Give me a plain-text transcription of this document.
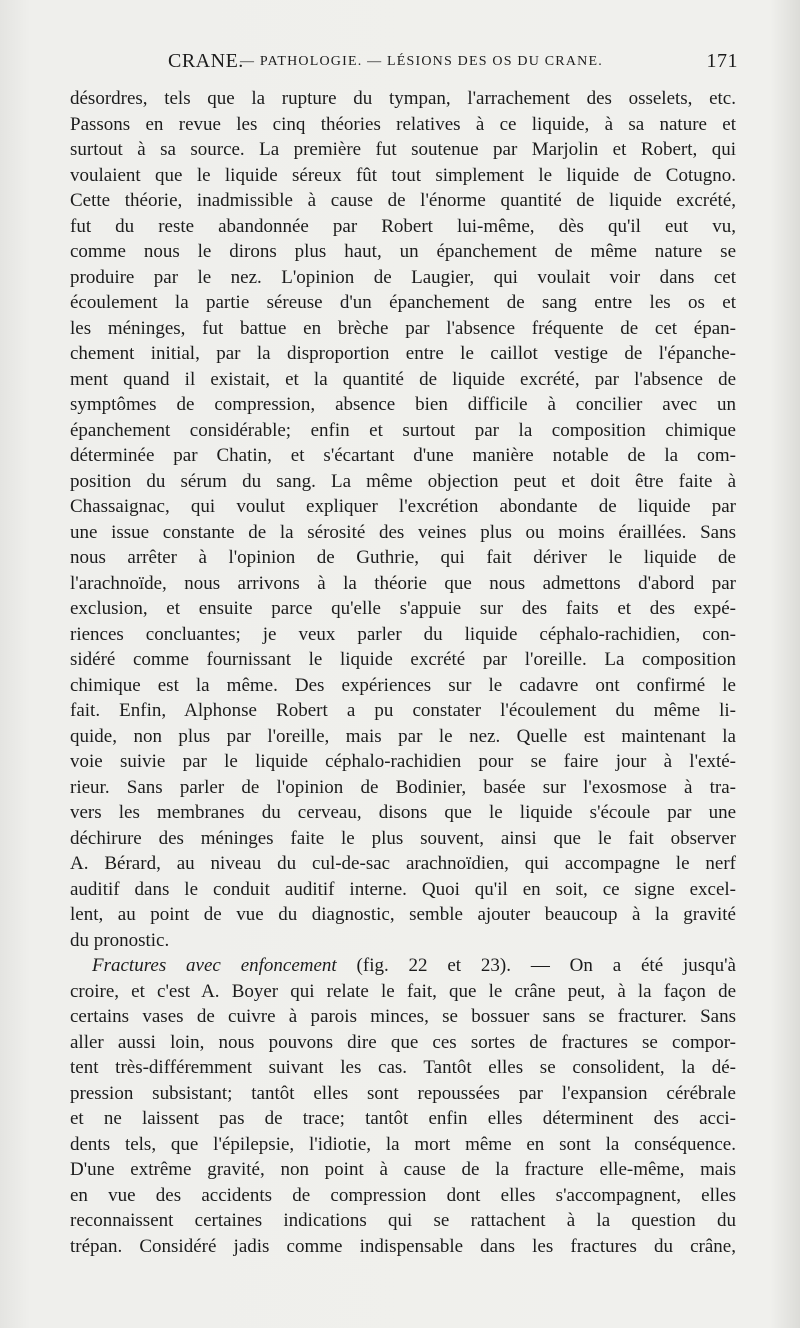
CRANE.
— PATHOLOGIE. — LÉSIONS DES OS DU CRANE.	171
désordres, tels que la rupture du tympan, l'arrachement des osselets, etc.
Passons en revue les cinq théories relatives à ce liquide, à sa nature et
surtout à sa source. La première fut soutenue par Marjolin et Robert, qui
voulaient que le liquide séreux fût tout simplement le liquide de Cotugno.
Cette théorie, inadmissible à cause de l'énorme quantité de liquide excrété,
fut du reste abandonnée par Robert lui-même, dès qu'il eut vu,
comme nous le dirons plus haut, un épanchement de même nature se
produire par le nez. L'opinion de Laugier, qui voulait voir dans cet
écoulement la partie séreuse d'un épanchement de sang entre les os et
les méninges, fut battue en brèche par l'absence fréquente de cet épan-
chement initial, par la disproportion entre le caillot vestige de l'épanche-
ment quand il existait, et la quantité de liquide excrété, par l'absence de
symptômes de compression, absence bien difficile à concilier avec un
épanchement considérable; enfin et surtout par la composition chimique
déterminée par Chatin, et s'écartant d'une manière notable de la com-
position du sérum du sang. La même objection peut et doit être faite à
Chassaignac, qui voulut expliquer l'excrétion abondante de liquide par
une issue constante de la sérosité des veines plus ou moins éraillées. Sans
nous arrêter à l'opinion de Guthrie, qui fait dériver le liquide de
l'arachnoïde, nous arrivons à la théorie que nous admettons d'abord par
exclusion, et ensuite parce qu'elle s'appuie sur des faits et des expé-
riences concluantes; je veux parler du liquide céphalo-rachidien, con-
sidéré comme fournissant le liquide excrété par l'oreille. La composition
chimique est la même. Des expériences sur le cadavre ont confirmé le
fait. Enfin, Alphonse Robert a pu constater l'écoulement du même li-
quide, non plus par l'oreille, mais par le nez. Quelle est maintenant la
voie suivie par le liquide céphalo-rachidien pour se faire jour à l'exté-
rieur. Sans parler de l'opinion de Bodinier, basée sur l'exosmose à tra-
vers les membranes du cerveau, disons que le liquide s'écoule par une
déchirure des méninges faite le plus souvent, ainsi que le fait observer
A. Bérard, au niveau du cul-de-sac arachnoïdien, qui accompagne le nerf
auditif dans le conduit auditif interne. Quoi qu'il en soit, ce signe excel-
lent, au point de vue du diagnostic, semble ajouter beaucoup à la gravité
du pronostic.
Fractures avec enfoncement (fig. 22 et 23). — On a été jusqu'à
croire, et c'est A. Boyer qui relate le fait, que le crâne peut, à la façon de
certains vases de cuivre à parois minces, se bossuer sans se fracturer. Sans
aller aussi loin, nous pouvons dire que ces sortes de fractures se compor-
tent très-différemment suivant les cas. Tantôt elles se consolident, la dé-
pression subsistant; tantôt elles sont repoussées par l'expansion cérébrale
et ne laissent pas de trace; tantôt enfin elles déterminent des acci-
dents tels, que l'épilepsie, l'idiotie, la mort même en sont la conséquence.
D'une extrême gravité, non point à cause de la fracture elle-même, mais
en vue des accidents de compression dont elles s'accompagnent, elles
reconnaissent certaines indications qui se rattachent à la question du
trépan. Considéré jadis comme indispensable dans les fractures du crâne,
